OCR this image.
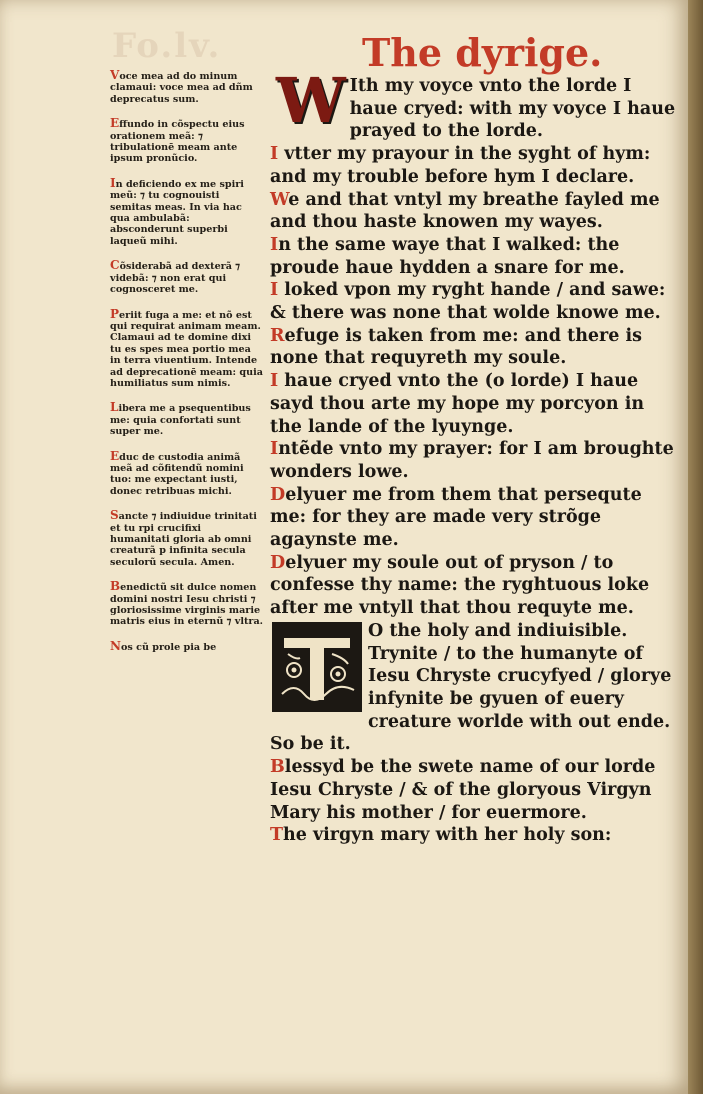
Fo.lv.	The dyrige.
Voce mea ad do minum clamaui: voce mea ad dñm deprecatus sum.
Effundo in cõspectu eius orationem meã: ⁊ tribulationē meam ante ipsum pronũcio.
In deficiendo ex me spiri meũ: ⁊ tu cognouisti semitas meas. In via hac qua ambulabã: absconderunt superbi laqueũ mihi.
Cõsiderabã ad dexterã ⁊ videbã: ⁊ non erat qui cognosceret me.
Periit fuga a me: et nõ est qui requirat animam meam. Clamaui ad te domine dixi tu es spes mea portio mea in terra viuentium. Intende ad deprecationē meam: quia humiliatus sum nimis.
Libera me a psequentibus me: quia confortati sunt super me.
Educ de custodia animã meã ad cõfitendũ nomini tuo: me expectant iusti, donec retribuas michi.
Sancte ⁊ indiuidue trinitati et tu rpi crucifixi humanitati gloria ab omni creaturã p infinita secula seculorũ secula. Amen.
Benedictũ sit dulce nomen domini nostri Iesu christi ⁊ gloriosissime virginis marie matris eius in eternũ ⁊ vltra.
Nos cũ prole pia be

W Ith my voyce vnto the lorde I haue cryed: with my voyce I haue prayed to the lorde.

I vtter my prayour in the syght of hym: and my trouble before hym I declare.

We and that vntyl my breathe fayled me and thou haste knowen my wayes.

In the same waye that I walked: the proude haue hydden a snare for me.

I loked vpon my ryght hande / and sawe: & there was none that wolde knowe me.

Refuge is taken from me: and there is none that requyreth my soule.

I haue cryed vnto the (o lorde) I haue sayd thou arte my hope my porcyon in the lande of the lyuynge.

Intẽde vnto my prayer: for I am broughte wonders lowe.

Delyuer me from them that persequte me: for they are made very strõge agaynste me.

Delyuer my soule out of pryson / to confesse thy name: the ryghtuous loke after me vntyll that thou requyte me.

O the holy and indiuisible. Trynite / to the humanyte of Iesu Chryste crucyfyed / glorye infynite be gyuen of euery creature worlde with out ende.

So be it.

Blessyd be the swete name of our lorde Iesu Chryste / & of the gloryous Virgyn Mary his mother / for euermore.

The virgyn mary with her holy son:
